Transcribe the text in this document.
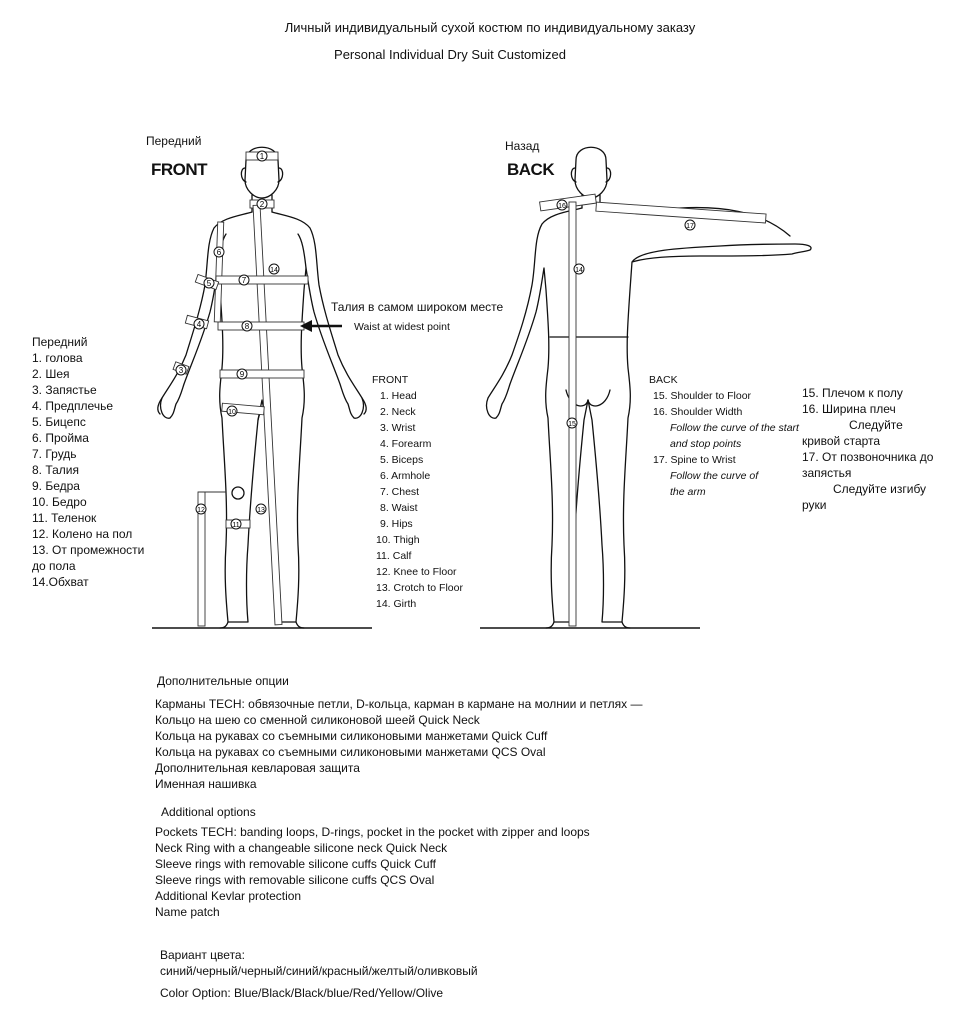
Личный индивидуальный сухой костюм по индивидуальному заказу
Personal Individual Dry Suit Customized
1
2
3
4
5
6
7
8
9
10
11
12	13
14	14
15
16
17
Передний
FRONT
Назад
BACK
Талия в самом широком месте
Waist at widest point
Передний
1. голова
2. Шея
3. Запястье
4. Предплечье
5. Бицепс
6. Пройма
7. Грудь
8. Талия
9. Бедра
10. Бедро
11. Теленок
12. Колено на пол
13. От промежности
до пола
14.Обхват
FRONT
1. Head
2. Neck
3. Wrist
4. Forearm
5. Biceps
6. Armhole
7. Chest
8. Waist
9. Hips
10. Thigh
11. Calf
12. Knee to Floor
13. Crotch to Floor
14. Girth
BACK
15. Shoulder to Floor
16. Shoulder Width
Follow the curve of the start
and stop points
17. Spine to Wrist
Follow the curve of
the arm
15. Плечом к полу
16. Ширина плеч
Следуйте
кривой старта
17. От позвоночника до
запястья
Следуйте изгибу
руки
Дополнительные опции
Карманы TECH: обвязочные петли, D-кольца, карман в кармане на молнии и петлях —
Кольцо на шею со сменной силиконовой шеей Quick Neck
Кольца на рукавах со съемными силиконовыми манжетами Quick Cuff
Кольца на рукавах со съемными силиконовыми манжетами QCS Oval
Дополнительная кевларовая защита
Именная нашивка
Additional options
Pockets TECH: banding loops, D-rings, pocket in the pocket with zipper and loops
Neck Ring with a changeable silicone neck Quick Neck
Sleeve rings with removable silicone cuffs Quick Cuff
Sleeve rings with removable silicone cuffs QCS Oval
Additional Kevlar protection
Name patch
Вариант цвета:
синий/черный/черный/синий/красный/желтый/оливковый
Color Option: Blue/Black/Black/blue/Red/Yellow/Olive
